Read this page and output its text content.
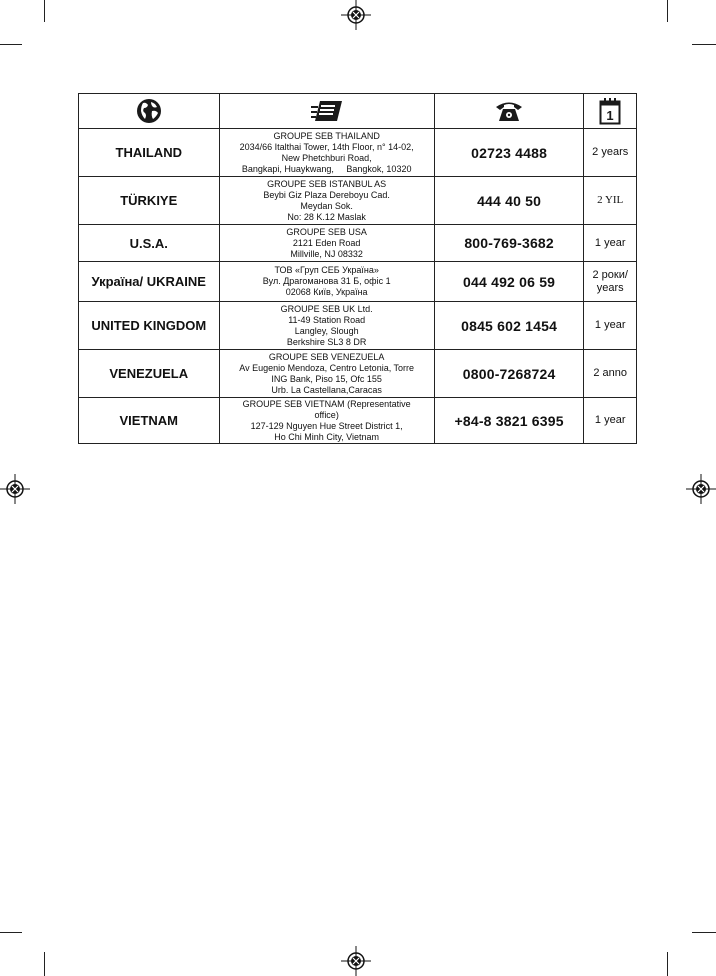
1

THAILAND	GROUPE SEB THAILAND
2034/66 Italthai Tower, 14th Floor, n° 14-02,
New Phetchburi Road,
Bangkapi, Huaykwang,     Bangkok, 10320	02723 4488	2 years
TÜRKIYE	GROUPE SEB ISTANBUL AS
Beybi Giz Plaza Dereboyu Cad.
Meydan Sok.
No: 28 K.12 Maslak	444 40 50	2 YIL
U.S.A.	GROUPE SEB USA
2121 Eden Road
Millville, NJ 08332	800-769-3682	1 year
Україна/ UKRAINE	ТОВ «Груп СЕБ Україна»
Вул. Драгоманова 31 Б, офіс 1
02068 Київ, Україна	044 492 06 59	2 роки/ years
UNITED KINGDOM	GROUPE SEB UK Ltd.
11-49 Station Road
Langley, Slough
Berkshire SL3 8 DR	0845 602 1454	1 year
VENEZUELA	GROUPE SEB VENEZUELA
Av Eugenio Mendoza, Centro Letonia, Torre
ING Bank, Piso 15, Ofc 155
Urb. La Castellana,Caracas	0800-7268724	2 anno
VIETNAM	GROUPE SEB VIETNAM (Representative
office)
127-129 Nguyen Hue Street District 1,
Ho Chi Minh City, Vietnam	+84-8 3821 6395	1 year
